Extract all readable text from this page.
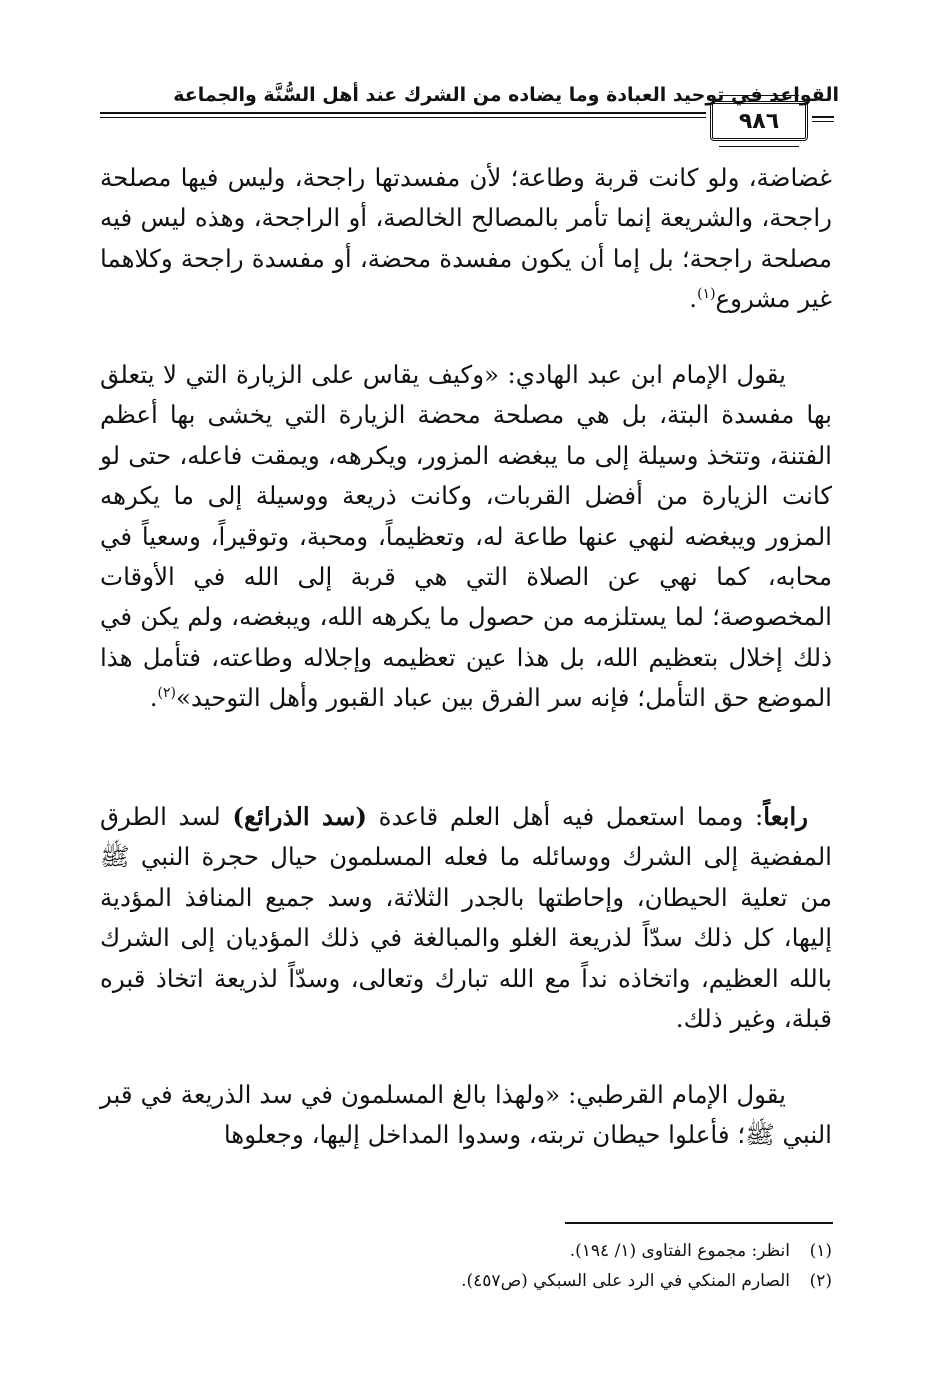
القواعد في توحيد العبادة وما يضاده من الشرك عند أهل السُّنَّة والجماعة
٩٨٦

غضاضة، ولو كانت قربة وطاعة؛ لأن مفسدتها راجحة، وليس فيها مصلحة راجحة، والشريعة إنما تأمر بالمصالح الخالصة، أو الراجحة، وهذه ليس فيه مصلحة راجحة؛ بل إما أن يكون مفسدة محضة، أو مفسدة راجحة وكلاهما غير مشروع$^{(١)}$.

يقول الإمام ابن عبد الهادي: «وكيف يقاس على الزيارة التي لا يتعلق بها مفسدة البتة، بل هي مصلحة محضة الزيارة التي يخشى بها أعظم الفتنة، وتتخذ وسيلة إلى ما يبغضه المزور، ويكرهه، ويمقت فاعله، حتى لو كانت الزيارة من أفضل القربات، وكانت ذريعة ووسيلة إلى ما يكرهه المزور ويبغضه لنهي عنها طاعة له، وتعظيماً، ومحبة، وتوقيراً، وسعياً في محابه، كما نهي عن الصلاة التي هي قربة إلى الله في الأوقات المخصوصة؛ لما يستلزمه من حصول ما يكرهه الله، ويبغضه، ولم يكن في ذلك إخلال بتعظيم الله، بل هذا عين تعظيمه وإجلاله وطاعته، فتأمل هذا الموضع حق التأمل؛ فإنه سر الفرق بين عباد القبور وأهل التوحيد»$^{(٢)}$.

رابعاً: ومما استعمل فيه أهل العلم قاعدة (سد الذرائع) لسد الطرق المفضية إلى الشرك ووسائله ما فعله المسلمون حيال حجرة النبي ﷺ من تعلية الحيطان، وإحاطتها بالجدر الثلاثة، وسد جميع المنافذ المؤدية إليها، كل ذلك سدّاً لذريعة الغلو والمبالغة في ذلك المؤديان إلى الشرك بالله العظيم، واتخاذه نداً مع الله تبارك وتعالى، وسدّاً لذريعة اتخاذ قبره قبلة، وغير ذلك.

يقول الإمام القرطبي: «ولهذا بالغ المسلمون في سد الذريعة في قبر النبي ﷺ؛ فأعلوا حيطان تربته، وسدوا المداخل إليها، وجعلوها

(١)
انظر: مجموع الفتاوى (١/ ١٩٤).
(٢)
الصارم المنكي في الرد على السبكي (ص٤٥٧).
